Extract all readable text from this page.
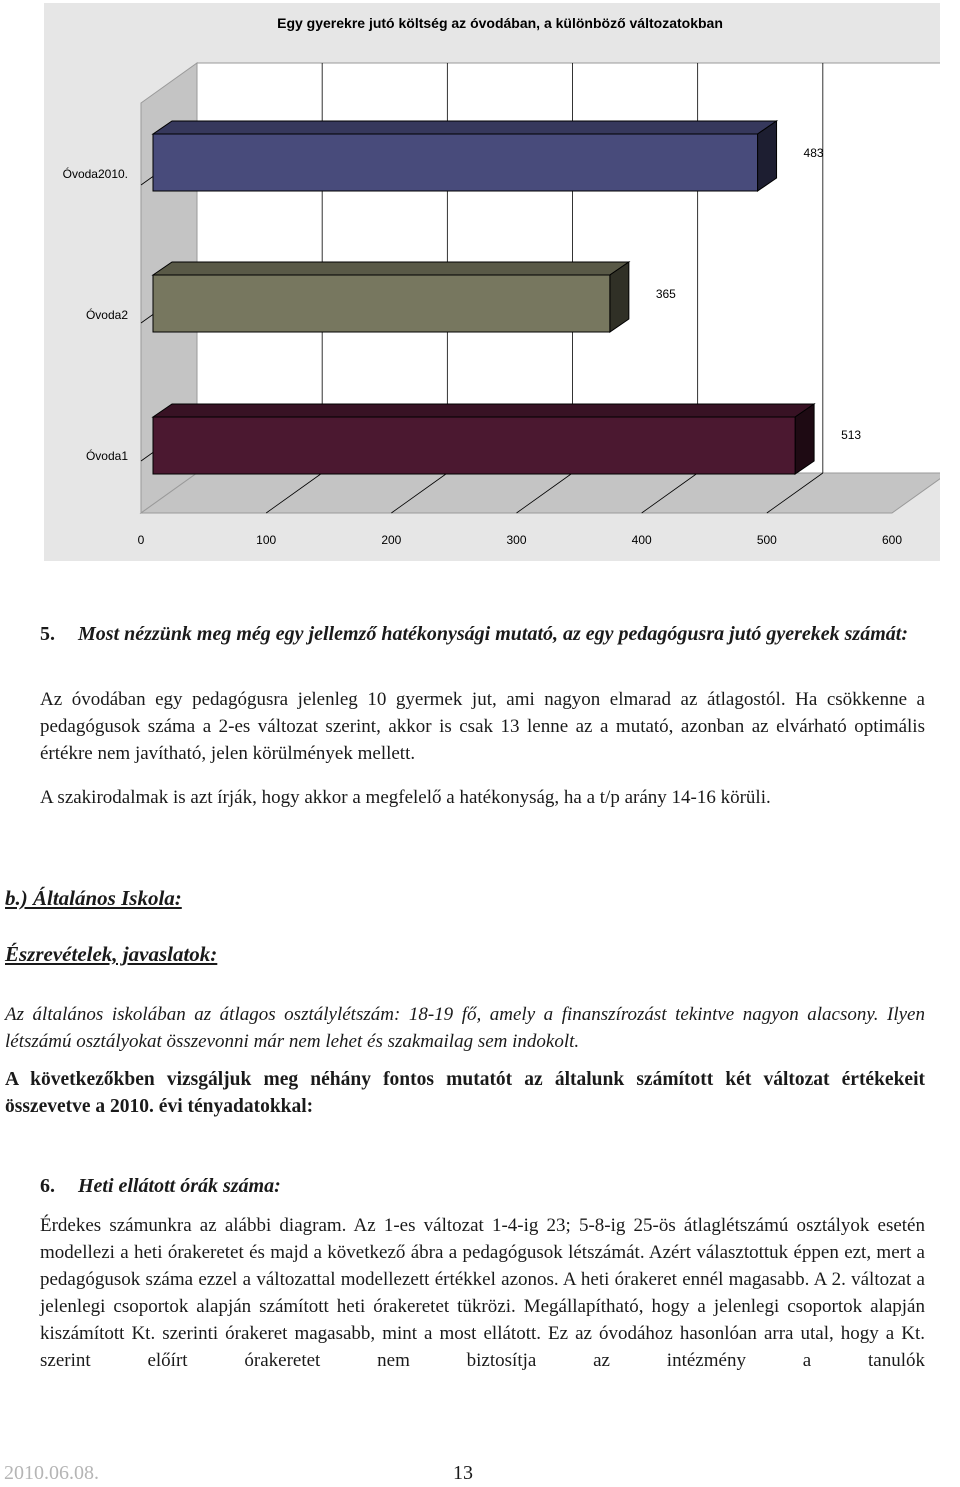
0	100	200	300	400	500	600
Óvoda2010.
483
Óvoda2
365
Óvoda1
513
Egy gyerekre jutó költség az óvodában, a különböző változatokban
5. Most nézzünk meg még egy jellemző hatékonysági mutató, az egy pedagógusra jutó gyerekek számát:
Az óvodában egy pedagógusra jelenleg 10 gyermek jut, ami nagyon elmarad az átlagostól. Ha csökkenne a pedagógusok száma a 2-es változat szerint, akkor is csak 13 lenne az a mutató, azonban az elvárható optimális értékre nem javítható, jelen körülmények mellett.
A szakirodalmak is azt írják, hogy akkor a megfelelő a hatékonyság, ha a t/p arány 14-16 körüli.
b.) Általános Iskola:
Észrevételek, javaslatok:
Az általános iskolában az átlagos osztálylétszám: 18-19 fő, amely a finanszírozást tekintve nagyon alacsony. Ilyen létszámú osztályokat összevonni már nem lehet és szakmailag sem indokolt.
A következőkben vizsgáljuk meg néhány fontos mutatót az általunk számított két változat értékekeit összevetve a 2010. évi tényadatokkal:
6. Heti ellátott órák száma:
Érdekes számunkra az alábbi diagram. Az 1-es változat 1-4-ig 23; 5-8-ig 25-ös átlaglétszámú osztályok esetén modellezi a heti órakeretet és majd a következő ábra a pedagógusok létszámát. Azért választottuk éppen ezt, mert a pedagógusok száma ezzel a változattal modellezett értékkel azonos. A heti órakeret ennél magasabb. A 2. változat a jelenlegi csoportok alapján számított heti órakeretet tükrözi. Megállapítható, hogy a jelenlegi csoportok alapján kiszámított Kt. szerinti órakeret magasabb, mint a most ellátott. Ez az óvodához hasonlóan arra utal, hogy a Kt. szerint előírt órakeretet nem biztosítja az intézmény a tanulók
2010.06.08.	13
